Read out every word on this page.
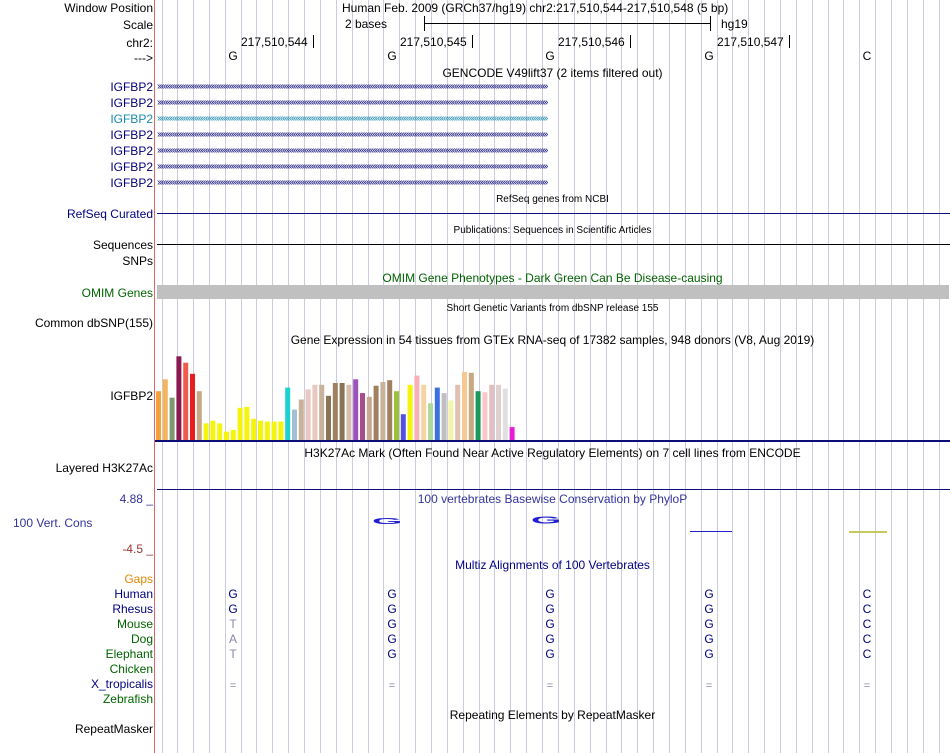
Window Position	Human Feb. 2009 (GRCh37/hg19) chr2:217,510,544-217,510,548 (5 bp)
Scale	2 bases	hg19
chr2:	217,510,544	217,510,545	217,510,546	217,510,547
--->	G	G	G	G	C
GENCODE V49lift37 (2 items filtered out)
IGFBP2 ›››››››››››››››››››››››››››››››››››››››››››››››››››››››››››››››››››››››››››››››››››››››››››››››››››››››››››››››››››››››››››››››››››››››››››››››››››››››››››››››››››››››››››››››››››››››››››››››››››››››››››››››››››››
IGFBP2 ›››››››››››››››››››››››››››››››››››››››››››››››››››››››››››››››››››››››››››››››››››››››››››››››››››››››››››››››››››››››››››››››››››››››››››››››››››››››››››››››››››››››››››››››››››››››››››››››››››››››››››››››››››››
IGFBP2 ›››››››››››››››››››››››››››››››››››››››››››››››››››››››››››››››››››››››››››››››››››››››››››››››››››››››››››››››››››››››››››››››››››››››››››››››››››››››››››››››››››››››››››››››››››››››››››››››››››››››››››››››››››››
IGFBP2 ›››››››››››››››››››››››››››››››››››››››››››››››››››››››››››››››››››››››››››››››››››››››››››››››››››››››››››››››››››››››››››››››››››››››››››››››››››››››››››››››››››››››››››››››››››››››››››››››››››››››››››››››››››››
IGFBP2 ›››››››››››››››››››››››››››››››››››››››››››››››››››››››››››››››››››››››››››››››››››››››››››››››››››››››››››››››››››››››››››››››››››››››››››››››››››››››››››››››››››››››››››››››››››››››››››››››››››››››››››››››››››››
IGFBP2 ›››››››››››››››››››››››››››››››››››››››››››››››››››››››››››››››››››››››››››››››››››››››››››››››››››››››››››››››››››››››››››››››››››››››››››››››››››››››››››››››››››››››››››››››››››››››››››››››››››››››››››››››››››››
IGFBP2 ›››››››››››››››››››››››››››››››››››››››››››››››››››››››››››››››››››››››››››››››››››››››››››››››››››››››››››››››››››››››››››››››››››››››››››››››››››››››››››››››››››››››››››››››››››››››››››››››››››››››››››››››››››››
RefSeq genes from NCBI
RefSeq Curated
Publications: Sequences in Scientific Articles
Sequences
SNPs
OMIM Gene Phenotypes - Dark Green Can Be Disease-causing
OMIM Genes
Short Genetic Variants from dbSNP release 155
Common dbSNP(155)
Gene Expression in 54 tissues from GTEx RNA-seq of 17382 samples, 948 donors (V8, Aug 2019)
IGFBP2
H3K27Ac Mark (Often Found Near Active Regulatory Elements) on 7 cell lines from ENCODE
Layered H3K27Ac
100 vertebrates Basewise Conservation by PhyloP
4.88 _
100 Vert. Cons
-4.5 _
G	G
Multiz Alignments of 100 Vertebrates
Gaps
Human	G	G	G	G	C
Rhesus	G	G	G	G	C
Mouse	T	G	G	G	C
Dog	A	G	G	G	C
Elephant	T	G	G	G	C
Chicken
X_tropicalis	=	=	=	=	=
Zebrafish
Repeating Elements by RepeatMasker
RepeatMasker
